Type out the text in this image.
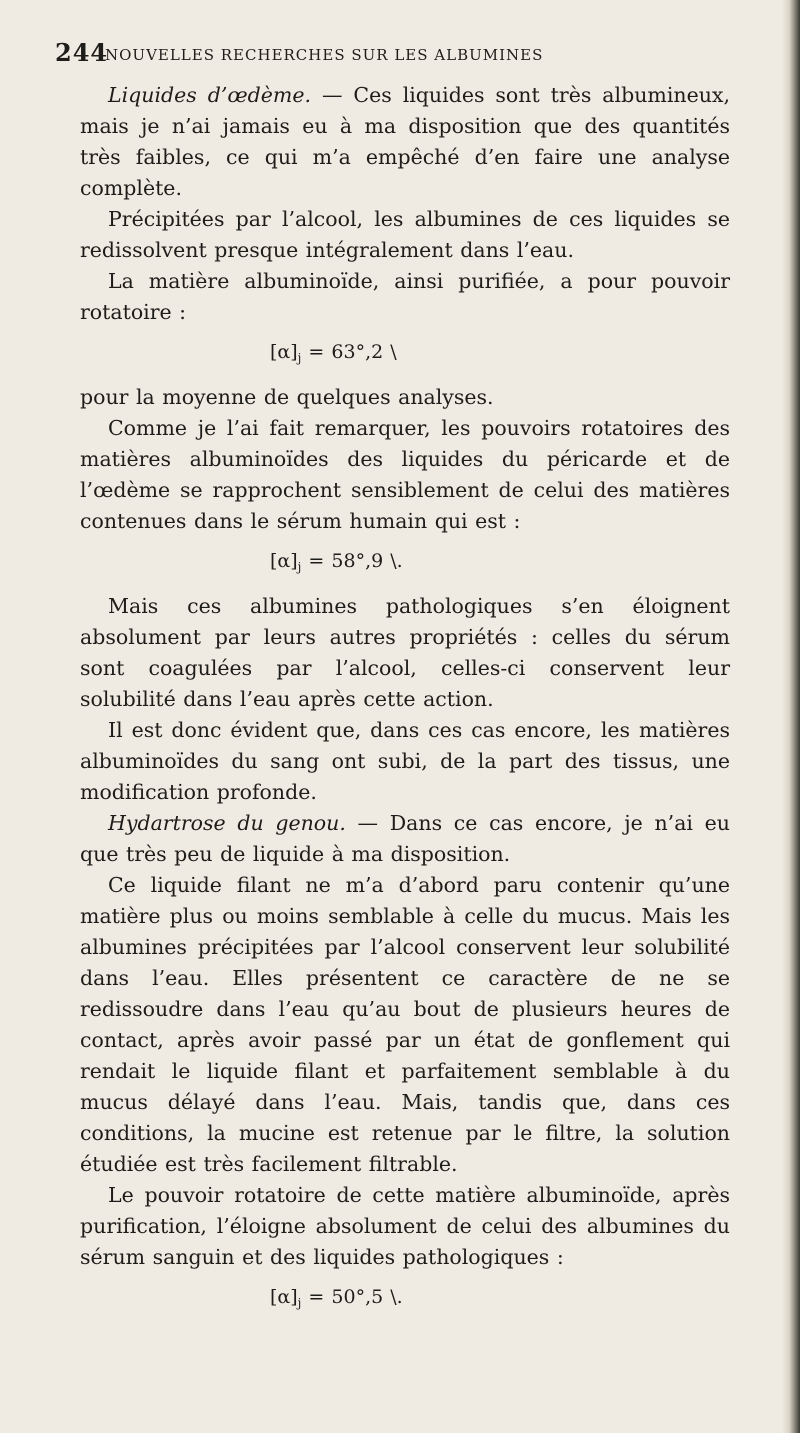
244
NOUVELLES RECHERCHES SUR LES ALBUMINES

Liquides d’œdème. — Ces liquides sont très albumineux, mais je n’ai jamais eu à ma disposition que des quantités très faibles, ce qui m’a empêché d’en faire une analyse complète.

Précipitées par l’alcool, les albumines de ces liquides se redissolvent presque intégralement dans l’eau.

La matière albuminoïde, ainsi purifiée, a pour pouvoir rotatoire :

$[\alpha]_j = 63^\circ,2$ \

pour la moyenne de quelques analyses.

Comme je l’ai fait remarquer, les pouvoirs rotatoires des matières albuminoïdes des liquides du péricarde et de l’œdème se rapprochent sensiblement de celui des matières contenues dans le sérum humain qui est :

$[\alpha]_j = 58^\circ,9$ \.

Mais ces albumines pathologiques s’en éloignent absolument par leurs autres propriétés : celles du sérum sont coagulées par l’alcool, celles-ci conservent leur solubilité dans l’eau après cette action.

Il est donc évident que, dans ces cas encore, les matières albuminoïdes du sang ont subi, de la part des tissus, une modification profonde.

Hydartrose du genou. — Dans ce cas encore, je n’ai eu que très peu de liquide à ma disposition.

Ce liquide filant ne m’a d’abord paru contenir qu’une matière plus ou moins semblable à celle du mucus. Mais les albumines précipitées par l’alcool conservent leur solubilité dans l’eau. Elles présentent ce caractère de ne se redissoudre dans l’eau qu’au bout de plusieurs heures de contact, après avoir passé par un état de gonflement qui rendait le liquide filant et parfaitement semblable à du mucus délayé dans l’eau. Mais, tandis que, dans ces conditions, la mucine est retenue par le filtre, la solution étudiée est très facilement filtrable.

Le pouvoir rotatoire de cette matière albuminoïde, après purification, l’éloigne absolument de celui des albumines du sérum sanguin et des liquides pathologiques :

$[\alpha]_j = 50^\circ,5$ \.
